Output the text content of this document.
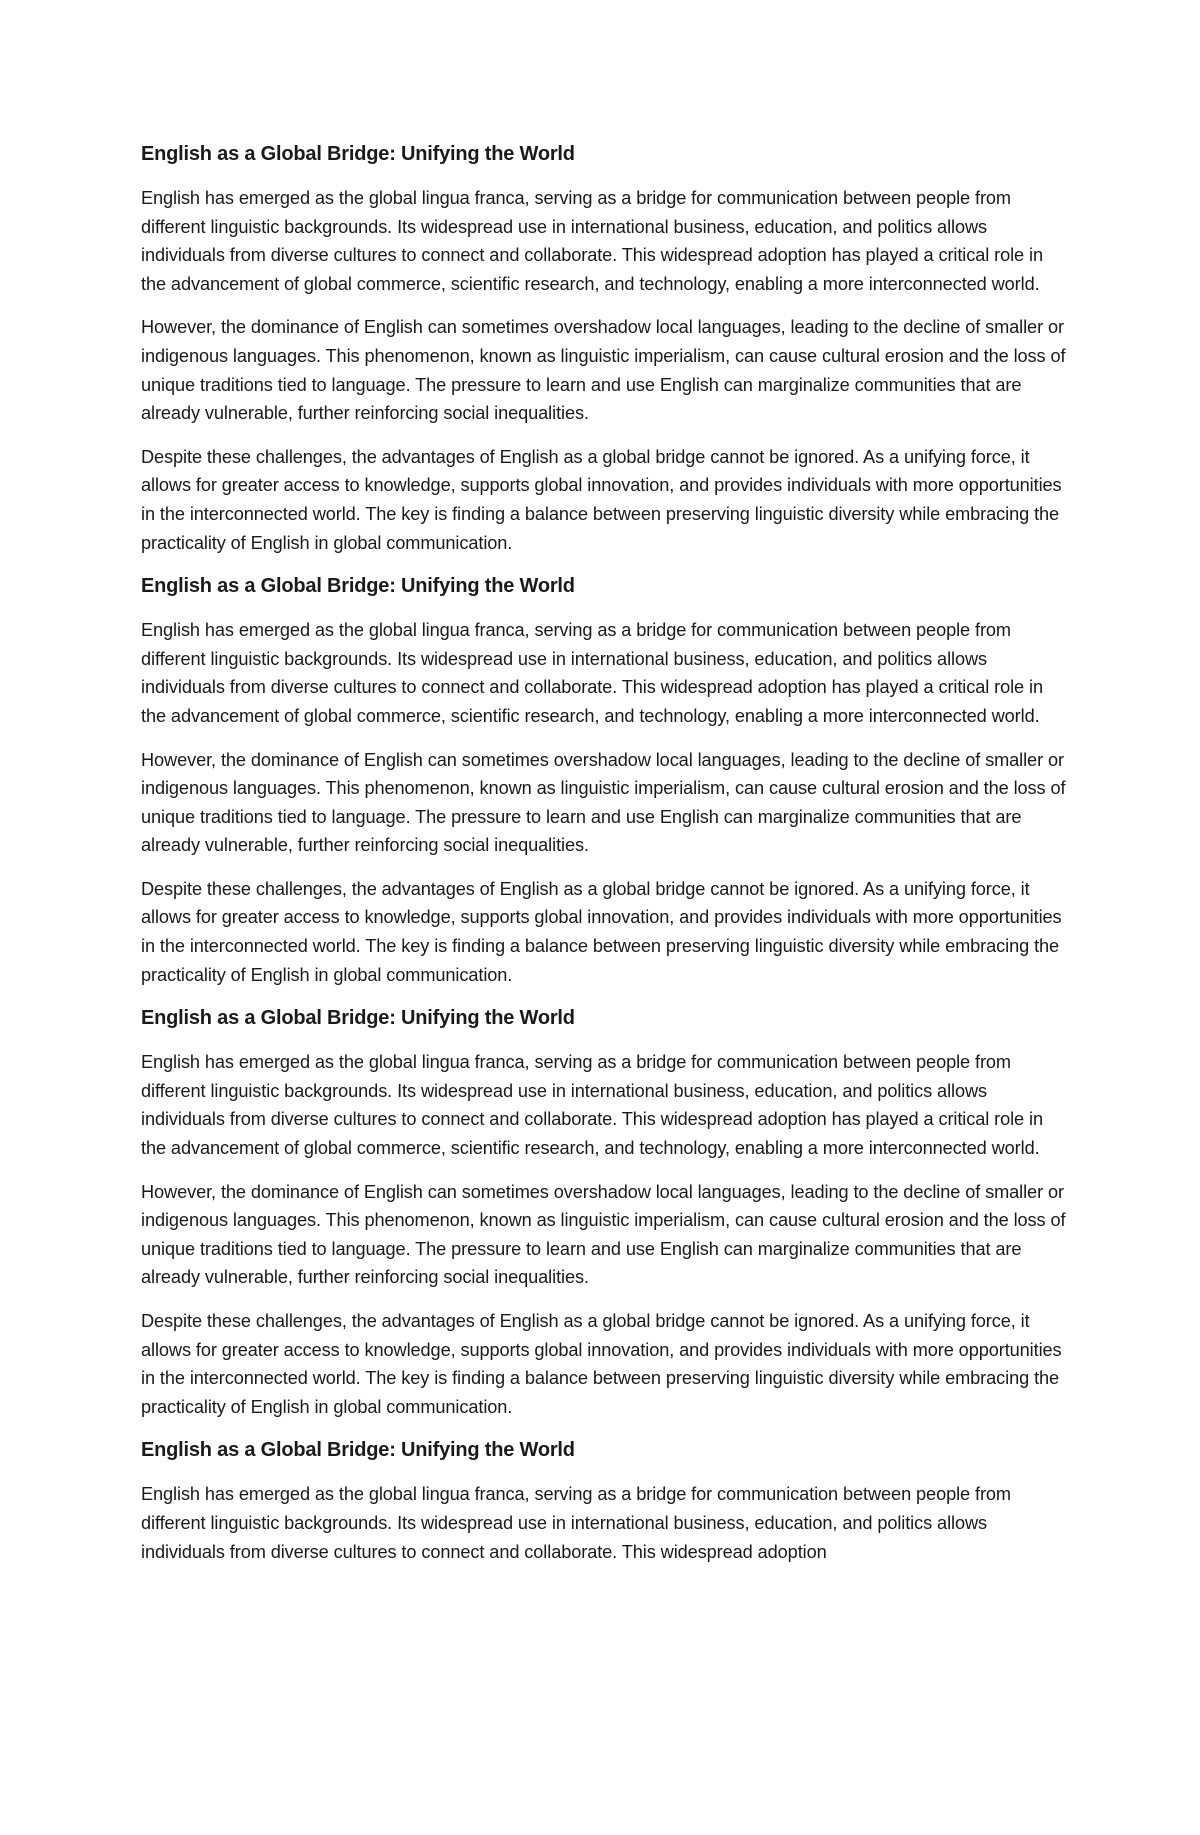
English as a Global Bridge: Unifying the World

English has emerged as the global lingua franca, serving as a bridge for communication between people from different linguistic backgrounds. Its widespread use in international business, education, and politics allows individuals from diverse cultures to connect and collaborate. This widespread adoption has played a critical role in the advancement of global commerce, scientific research, and technology, enabling a more interconnected world.

However, the dominance of English can sometimes overshadow local languages, leading to the decline of smaller or indigenous languages. This phenomenon, known as linguistic imperialism, can cause cultural erosion and the loss of unique traditions tied to language. The pressure to learn and use English can marginalize communities that are already vulnerable, further reinforcing social inequalities.

Despite these challenges, the advantages of English as a global bridge cannot be ignored. As a unifying force, it allows for greater access to knowledge, supports global innovation, and provides individuals with more opportunities in the interconnected world. The key is finding a balance between preserving linguistic diversity while embracing the practicality of English in global communication.

English as a Global Bridge: Unifying the World

English has emerged as the global lingua franca, serving as a bridge for communication between people from different linguistic backgrounds. Its widespread use in international business, education, and politics allows individuals from diverse cultures to connect and collaborate. This widespread adoption has played a critical role in the advancement of global commerce, scientific research, and technology, enabling a more interconnected world.

However, the dominance of English can sometimes overshadow local languages, leading to the decline of smaller or indigenous languages. This phenomenon, known as linguistic imperialism, can cause cultural erosion and the loss of unique traditions tied to language. The pressure to learn and use English can marginalize communities that are already vulnerable, further reinforcing social inequalities.

Despite these challenges, the advantages of English as a global bridge cannot be ignored. As a unifying force, it allows for greater access to knowledge, supports global innovation, and provides individuals with more opportunities in the interconnected world. The key is finding a balance between preserving linguistic diversity while embracing the practicality of English in global communication.

English as a Global Bridge: Unifying the World

English has emerged as the global lingua franca, serving as a bridge for communication between people from different linguistic backgrounds. Its widespread use in international business, education, and politics allows individuals from diverse cultures to connect and collaborate. This widespread adoption has played a critical role in the advancement of global commerce, scientific research, and technology, enabling a more interconnected world.

However, the dominance of English can sometimes overshadow local languages, leading to the decline of smaller or indigenous languages. This phenomenon, known as linguistic imperialism, can cause cultural erosion and the loss of unique traditions tied to language. The pressure to learn and use English can marginalize communities that are already vulnerable, further reinforcing social inequalities.

Despite these challenges, the advantages of English as a global bridge cannot be ignored. As a unifying force, it allows for greater access to knowledge, supports global innovation, and provides individuals with more opportunities in the interconnected world. The key is finding a balance between preserving linguistic diversity while embracing the practicality of English in global communication.

English as a Global Bridge: Unifying the World

English has emerged as the global lingua franca, serving as a bridge for communication between people from different linguistic backgrounds. Its widespread use in international business, education, and politics allows individuals from diverse cultures to connect and collaborate. This widespread adoption
